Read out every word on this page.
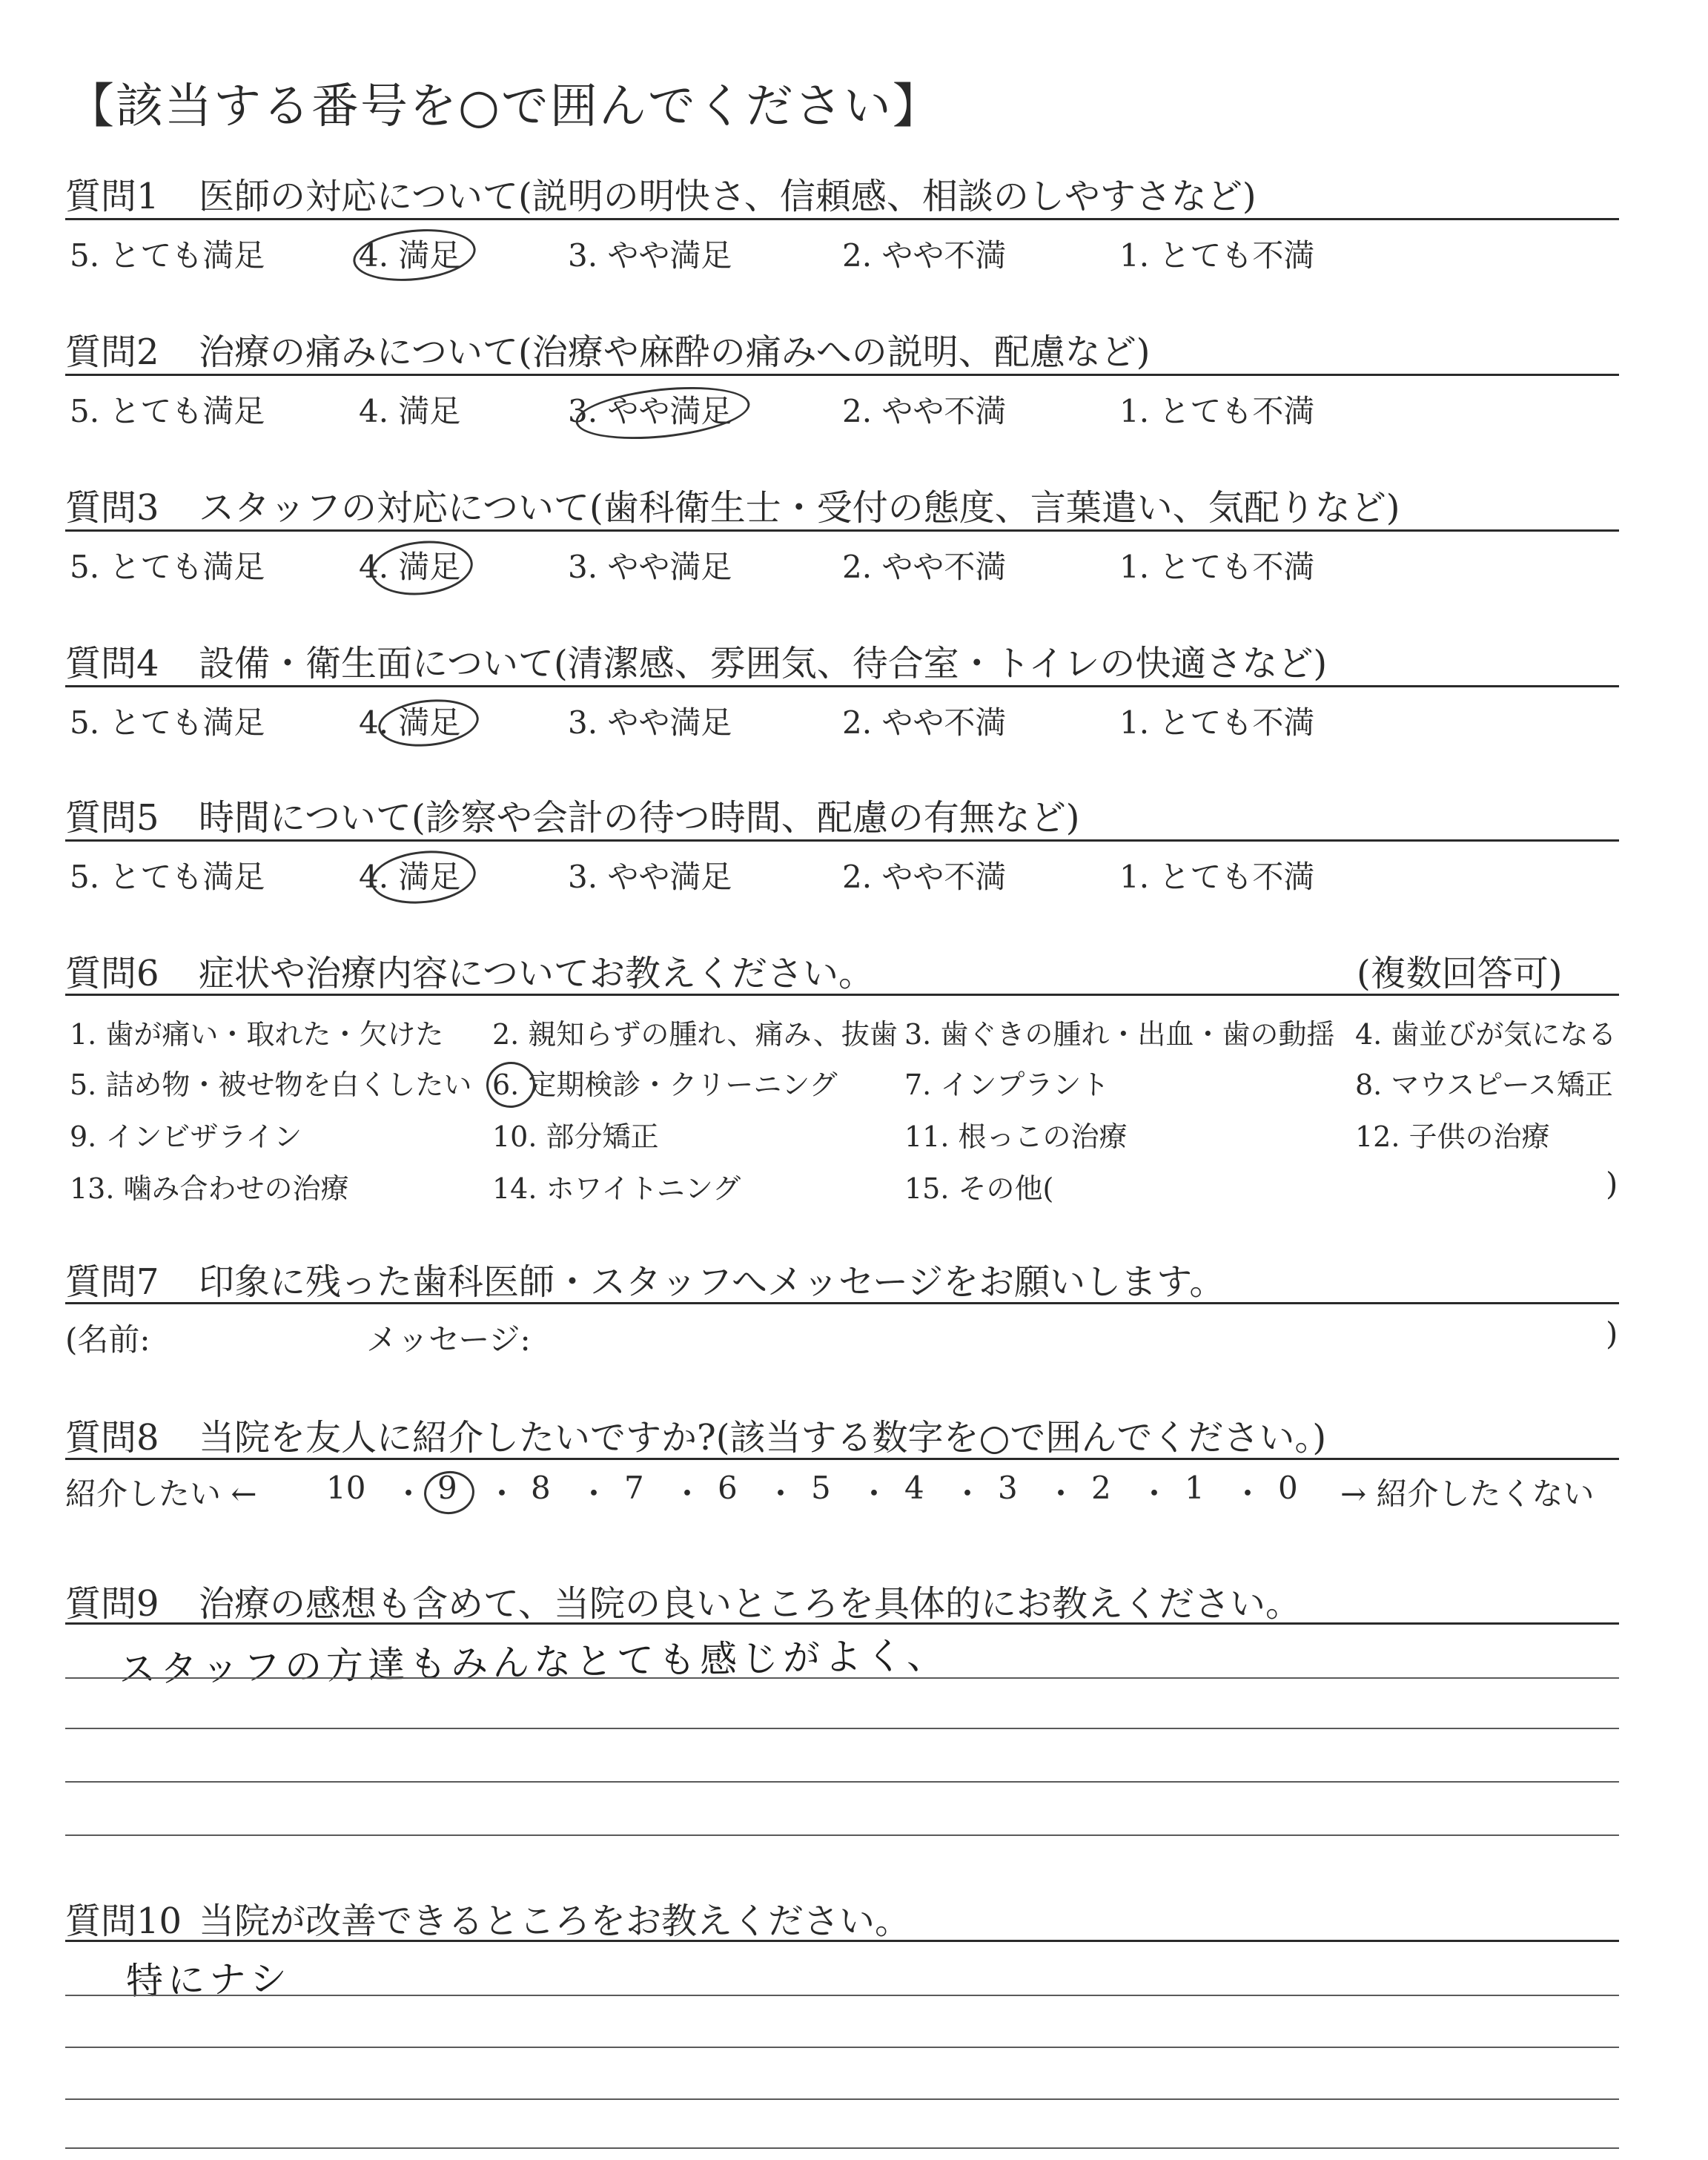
【該当する番号を○で囲んでください】
質問1 医師の対応について(説明の明快さ、信頼感、相談のしやすさなど)
5. とても満足	4. 満足	3. やや満足	2. やや不満	1. とても不満
質問2 治療の痛みについて(治療や麻酔の痛みへの説明、配慮など)
5. とても満足	4. 満足	3. やや満足	2. やや不満	1. とても不満
質問3 スタッフの対応について(歯科衛生士・受付の態度、言葉遣い、気配りなど)
5. とても満足	4. 満足	3. やや満足	2. やや不満	1. とても不満
質問4 設備・衛生面について(清潔感、雰囲気、待合室・トイレの快適さなど)
5. とても満足	4. 満足	3. やや満足	2. やや不満	1. とても不満
質問5 時間について(診察や会計の待つ時間、配慮の有無など)
5. とても満足	4. 満足	3. やや満足	2. やや不満	1. とても不満
質問6 症状や治療内容についてお教えください。	(複数回答可)
1. 歯が痛い・取れた・欠けた 2. 親知らずの腫れ、痛み、抜歯 3. 歯ぐきの腫れ・出血・歯の動揺 4. 歯並びが気になる
5. 詰め物・被せ物を白くしたい 6. 定期検診・クリーニング 7. インプラント	8. マウスピース矯正
9. インビザライン	10. 部分矯正	11. 根っこの治療	12. 子供の治療
13. 噛み合わせの治療	14. ホワイトニング	15. その他(	)
質問7 印象に残った歯科医師・スタッフへメッセージをお願いします。
(名前:	メッセージ:	)
質問8 当院を友人に紹介したいですか?(該当する数字を○で囲んでください。)
紹介したい ←	→ 紹介したくない
10 ・ 9 ・ 8 ・ 7 ・ 6 ・ 5 ・ 4 ・ 3 ・ 2 ・ 1 ・ 0
質問9 治療の感想も含めて、当院の良いところを具体的にお教えください。
スタッフの方達もみんなとても感じがよく、
質問10 当院が改善できるところをお教えください。
特にナシ
